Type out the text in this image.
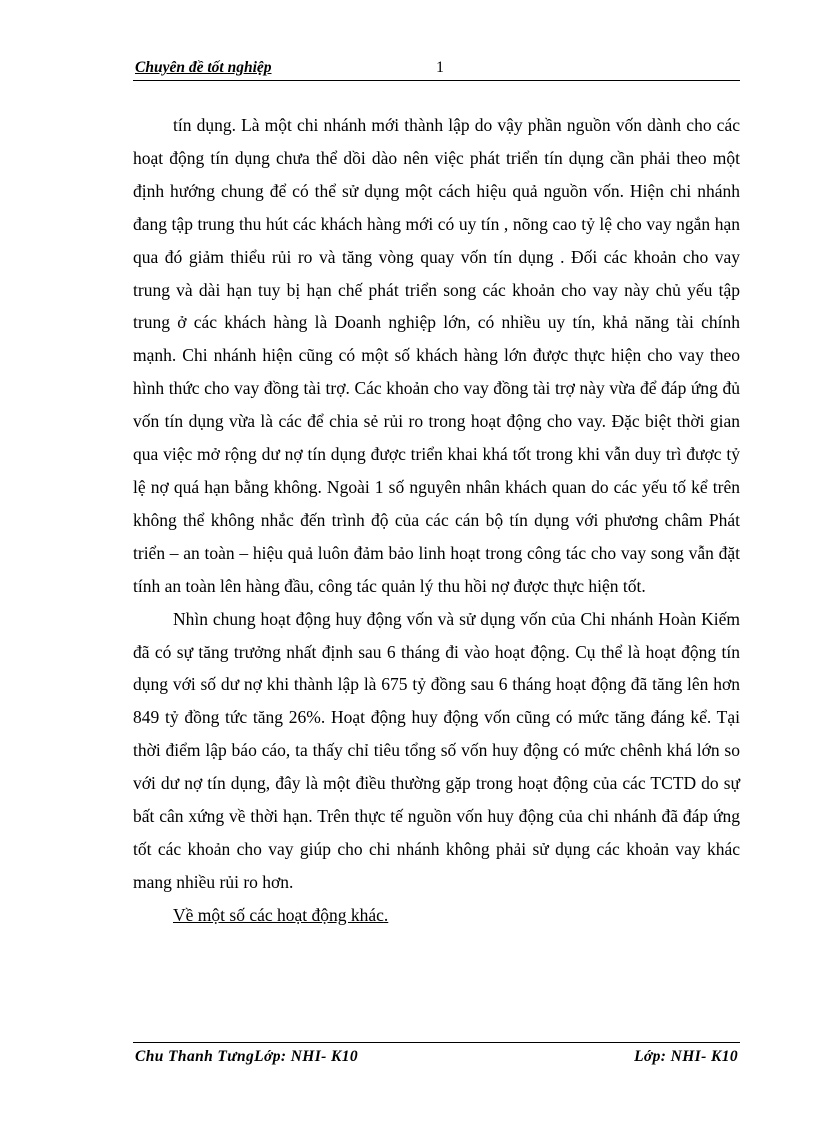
Chuyên đề tốt nghiệp	1

tín dụng. Là một chi nhánh mới thành lập do vậy phần nguồn vốn dành cho các hoạt động tín dụng chưa thể dồi dào nên việc phát triển tín dụng cần phải theo một định hướng chung để có thể sử dụng một cách hiệu quả nguồn vốn. Hiện chi nhánh đang tập trung thu hút các khách hàng mới có uy tín , nõng cao tỷ lệ cho vay ngắn hạn qua đó giảm thiểu rủi ro và tăng vòng quay vốn tín dụng . Đối các khoản cho vay trung và dài hạn tuy bị hạn chế phát triển song các khoản cho vay này chủ yếu tập trung ở các khách hàng là Doanh nghiệp lớn, có nhiều uy tín, khả năng tài chính mạnh. Chi nhánh hiện cũng có một số khách hàng lớn được thực hiện cho vay theo hình thức cho vay đồng tài trợ. Các khoản cho vay đồng tài trợ này vừa để đáp ứng đủ vốn tín dụng vừa là các để chia sẻ rủi ro trong hoạt động cho vay. Đặc biệt thời gian qua việc mở rộng dư nợ tín dụng được triển khai khá tốt trong khi vẫn duy trì được tỷ lệ nợ quá hạn bằng không. Ngoài 1 số nguyên nhân khách quan do các yếu tố kể trên không thể không nhắc đến trình độ của các cán bộ tín dụng với phương châm Phát triển – an toàn – hiệu quả luôn đảm bảo linh hoạt trong công tác cho vay song vẫn đặt tính an toàn lên hàng đầu, công tác quản lý thu hồi nợ được thực hiện tốt.

Nhìn chung hoạt động huy động vốn và sử dụng vốn của Chi nhánh Hoàn Kiếm đã có sự tăng trưởng nhất định sau 6 tháng đi vào hoạt động. Cụ thể là hoạt động tín dụng với số dư nợ khi thành lập là 675 tỷ đồng sau 6 tháng hoạt động đã tăng lên hơn 849 tỷ đồng tức tăng 26%. Hoạt động huy động vốn cũng có mức tăng đáng kể. Tại thời điểm lập báo cáo, ta thấy chỉ tiêu tổng số vốn huy động có mức chênh khá lớn so với dư nợ tín dụng, đây là một điều thường gặp trong hoạt động của các TCTD do sự bất cân xứng về thời hạn. Trên thực tế nguồn vốn huy động của chi nhánh đã đáp ứng tốt các khoản cho vay giúp cho chi nhánh không phải sử dụng các khoản vay khác mang nhiều rủi ro hơn.

Về một số các hoạt động khác.

Chu Thanh TưngLớp: NHI- K10	Lớp: NHI- K10
